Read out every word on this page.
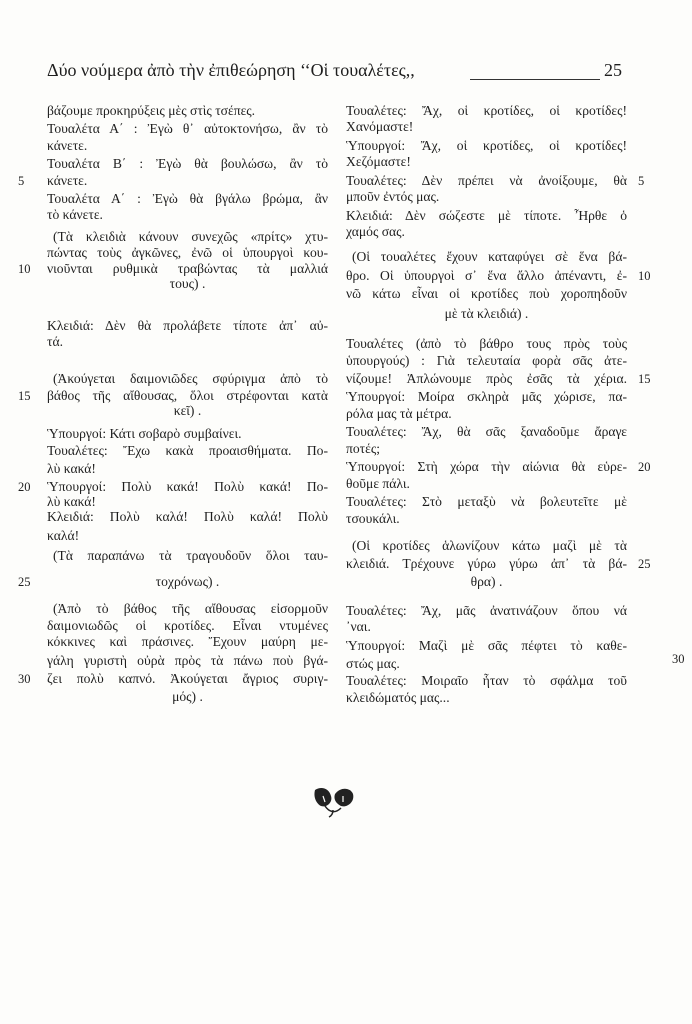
Δύο νούμερα ἀπὸ τὴν ἐπιθεώρηση ‘‘Οἱ τουαλέτες,,	25
βάζουμε προκηρύξεις μὲς στὶς τσέπες.
Τουαλέτα Α΄ : Ἐγὼ θ᾽ αὐτοκτονήσω, ἂν τὸ
κάνετε.
Τουαλέτα Β΄ : Ἐγὼ θὰ βουλώσω, ἂν τὸ
κάνετε.
Τουαλέτα Α΄ : Ἐγὼ θὰ βγάλω βρώμα, ἂν
τὸ κάνετε.
(Τὰ κλειδιὰ κάνουν συνεχῶς «πρίτς» χτυ-
πώντας τοὺς ἀγκῶνες, ἐνῶ οἱ ὑπουργοὶ κου-
νιοῦνται ρυθμικὰ τραβώντας τὰ μαλλιά
τους) .
Κλειδιά: Δὲν θὰ προλάβετε τίποτε ἀπ᾽ αὐ-
τά.
(Ἀκούγεται δαιμονιῶδες σφύριγμα ἀπὸ τὸ
βάθος τῆς αἴθουσας, ὅλοι στρέφονται κατὰ
κεῖ) .
Ὑπουργοί: Κάτι σοβαρὸ συμβαίνει.
Τουαλέτες: Ἔχω κακὰ προαισθήματα. Πο-
λὺ κακά!
Ὑπουργοί: Πολὺ κακά! Πολὺ κακά! Πο-
λὺ κακά!
Κλειδιά: Πολὺ καλά! Πολὺ καλά! Πολὺ
καλά!
(Τὰ παραπάνω τὰ τραγουδοῦν ὅλοι ταυ-
τοχρόνως) .
(Ἀπὸ τὸ βάθος τῆς αἴθουσας εἰσορμοῦν
δαιμονιωδῶς οἱ κροτίδες. Εἶναι ντυμένες
κόκκινες καὶ πράσινες. Ἔχουν μαύρη με-
γάλη γυριστὴ οὐρὰ πρὸς τὰ πάνω ποὺ βγά-
ζει πολὺ καπνό. Ἀκούγεται ἄγριος συριγ-
μός) .
Τουαλέτες: Ἄχ, οἱ κροτίδες, οἱ κροτίδες!
Χανόμαστε!
Ὑπουργοί: Ἄχ, οἱ κροτίδες, οἱ κροτίδες!
Χεζόμαστε!
Τουαλέτες: Δὲν πρέπει νὰ ἀνοίξουμε, θὰ
μποῦν ἐντός μας.
Κλειδιά: Δὲν σώζεστε μὲ τίποτε. Ἦρθε ὁ
χαμός σας.
(Οἱ τουαλέτες ἔχουν καταφύγει σὲ ἕνα βά-
θρο. Οἱ ὑπουργοὶ σ᾽ ἕνα ἄλλο ἀπέναντι, ἐ-
νῶ κάτω εἶναι οἱ κροτίδες ποὺ χοροπηδοῦν
μὲ τὰ κλειδιά) .
Τουαλέτες (ἀπὸ τὸ βάθρο τους πρὸς τοὺς
ὑπουργούς) : Γιὰ τελευταία φορὰ σᾶς ἀτε-
νίζουμε! Ἁπλώνουμε πρὸς ἐσᾶς τὰ χέρια.
Ὑπουργοί: Μοίρα σκληρὰ μᾶς χώρισε, πα-
ρόλα μας τὰ μέτρα.
Τουαλέτες: Ἄχ, θὰ σᾶς ξαναδοῦμε ἄραγε
ποτές;
Ὑπουργοί: Στὴ χώρα τὴν αἰώνια θὰ εὑρε-
θοῦμε πάλι.
Τουαλέτες: Στὸ μεταξὺ νὰ βολευτεῖτε μὲ
τσουκάλι.
(Οἱ κροτίδες ἁλωνίζουν κάτω μαζὶ μὲ τὰ
κλειδιά. Τρέχουνε γύρω γύρω ἀπ᾽ τὰ βά-
θρα) .
Τουαλέτες: Ἄχ, μᾶς ἀνατινάζουν ὅπου νά
᾽ναι.
Ὑπουργοί: Μαζὶ μὲ σᾶς πέφτει τὸ καθε-
στώς μας.
Τουαλέτες: Μοιραῖο ἦταν τὸ σφάλμα τοῦ
κλειδώματός μας...
5
10
15
20
25
30
5
10
15
20
25
30
